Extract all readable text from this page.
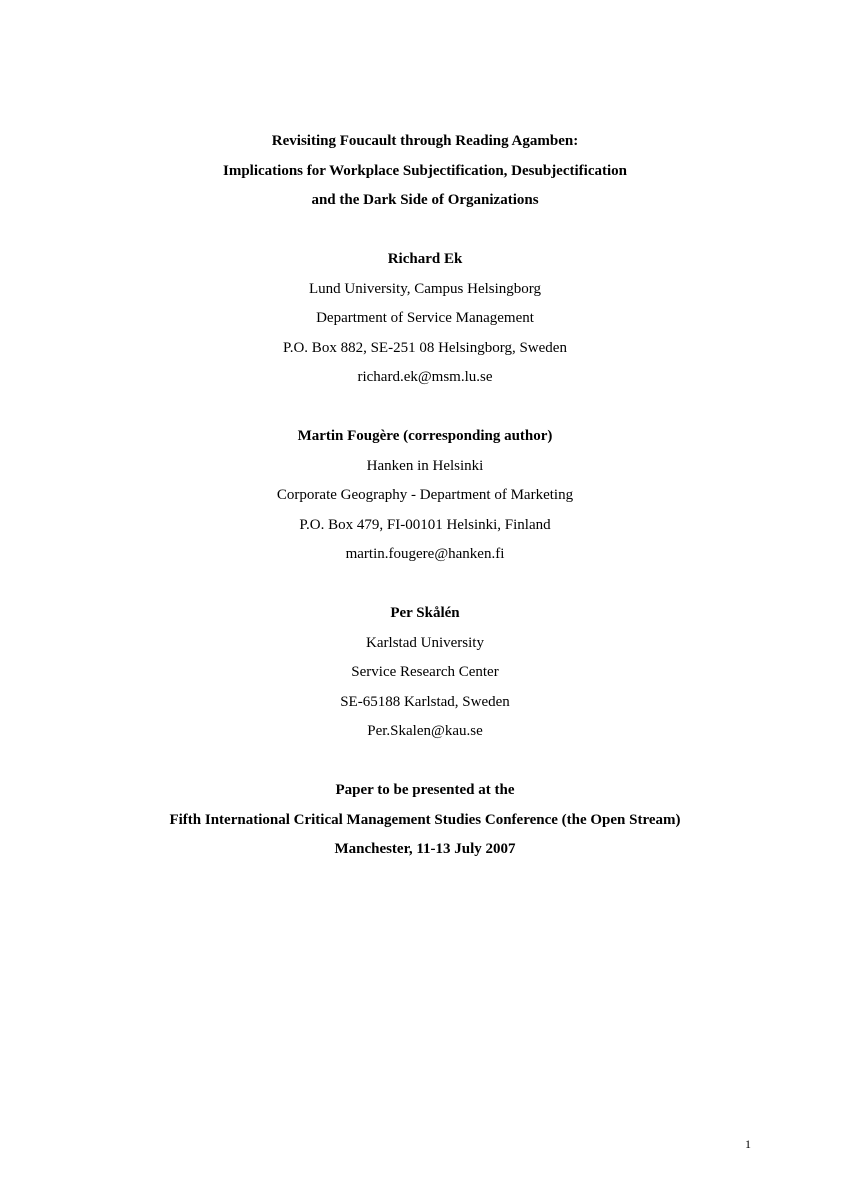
Revisiting Foucault through Reading Agamben:
Implications for Workplace Subjectification, Desubjectification
and the Dark Side of Organizations
Richard Ek
Lund University, Campus Helsingborg
Department of Service Management
P.O. Box 882, SE-251 08 Helsingborg, Sweden
richard.ek@msm.lu.se
Martin Fougère (corresponding author)
Hanken in Helsinki
Corporate Geography - Department of Marketing
P.O. Box 479, FI-00101 Helsinki, Finland
martin.fougere@hanken.fi
Per Skålén
Karlstad University
Service Research Center
SE-65188 Karlstad, Sweden
Per.Skalen@kau.se
Paper to be presented at the
Fifth International Critical Management Studies Conference (the Open Stream)
Manchester, 11-13 July 2007
1
